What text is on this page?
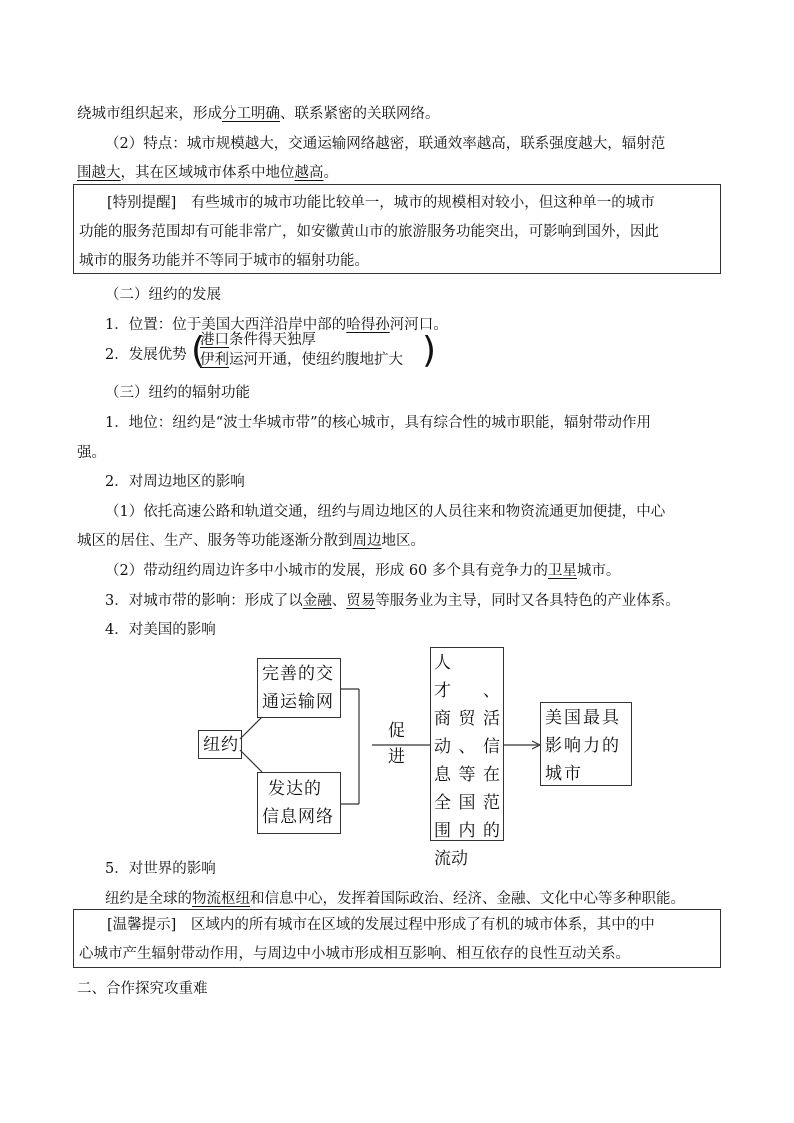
绕城市组织起来，形成分工明确、联系紧密的关联网络。
（2）特点：城市规模越大，交通运输网络越密，联通效率越高，联系强度越大，辐射范
围越大，其在区域城市体系中地位越高。
[特别提醒]　有些城市的城市功能比较单一，城市的规模相对较小，但这种单一的城市
功能的服务范围却有可能非常广，如安徽黄山市的旅游服务功能突出，可影响到国外，因此
城市的服务功能并不等同于城市的辐射功能。
（二）纽约的发展
1．位置：位于美国大西洋沿岸中部的哈得孙河河口。
2．发展优势 (
港口条件得天独厚
伊利运河开通，使纽约腹地扩大 )
（三）纽约的辐射功能
1．地位：纽约是“波士华城市带”的核心城市，具有综合性的城市职能，辐射带动作用
强。
2．对周边地区的影响
（1）依托高速公路和轨道交通，纽约与周边地区的人员往来和物资流通更加便捷，中心
城区的居住、生产、服务等功能逐渐分散到周边地区。
（2）带动纽约周边许多中小城市的发展，形成 60 多个具有竞争力的卫星城市。
3．对城市带的影响：形成了以金融、贸易等服务业为主导，同时又各具特色的产业体系。
4．对美国的影响
纽约
完善的交
通运输网
发达的
信息网络
促
进
人　才、
商贸活
动、信
息等在
全国范
围内的
流动
美国最具
影响力的
城市
5．对世界的影响
纽约是全球的物流枢纽和信息中心，发挥着国际政治、经济、金融、文化中心等多种职能。
[温馨提示]　区域内的所有城市在区域的发展过程中形成了有机的城市体系，其中的中
心城市产生辐射带动作用，与周边中小城市形成相互影响、相互依存的良性互动关系。
二、合作探究攻重难
